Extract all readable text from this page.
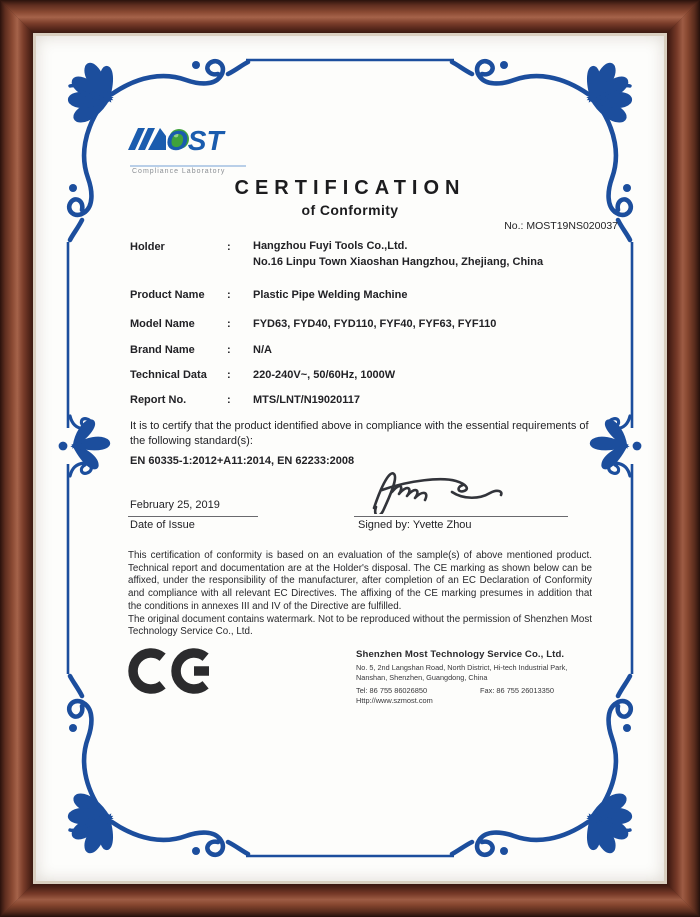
OST
Compliance Laboratory
CERTIFICATION
of Conformity
No.: MOST19NS020037
Holder	:	Hangzhou Fuyi Tools Co.,Ltd.
No.16 Linpu Town Xiaoshan Hangzhou, Zhejiang, China
Product Name	:	Plastic Pipe Welding Machine
Model Name	:	FYD63, FYD40, FYD110, FYF40, FYF63, FYF110
Brand Name	:	N/A
Technical Data	:	220-240V~, 50/60Hz, 1000W
Report No.	:	MTS/LNT/N19020117
It is to certify that the product identified above in compliance with the essential requirements of the following standard(s):
EN 60335-1:2012+A11:2014, EN 62233:2008
February 25, 2019
Date of Issue	Signed by: Yvette Zhou

This certification of conformity is based on an evaluation of the sample(s) of above mentioned product. Technical report and documentation are at the Holder's disposal. The CE marking as shown below can be affixed, under the responsibility of the manufacturer, after completion of an EC Declaration of Conformity and compliance with all relevant EC Directives. The affixing of the CE marking presumes in addition that the conditions in annexes III and IV of the Directive are fulfilled.

The original document contains watermark. Not to be reproduced without the permission of Shenzhen Most Technology Service Co., Ltd.

Shenzhen Most Technology Service Co., Ltd.
No. 5, 2nd Langshan Road, North District, Hi-tech Industrial Park,
Nanshan, Shenzhen, Guangdong, China
Tel: 86 755 86026850	Fax: 86 755 26013350
Http://www.szmost.com
